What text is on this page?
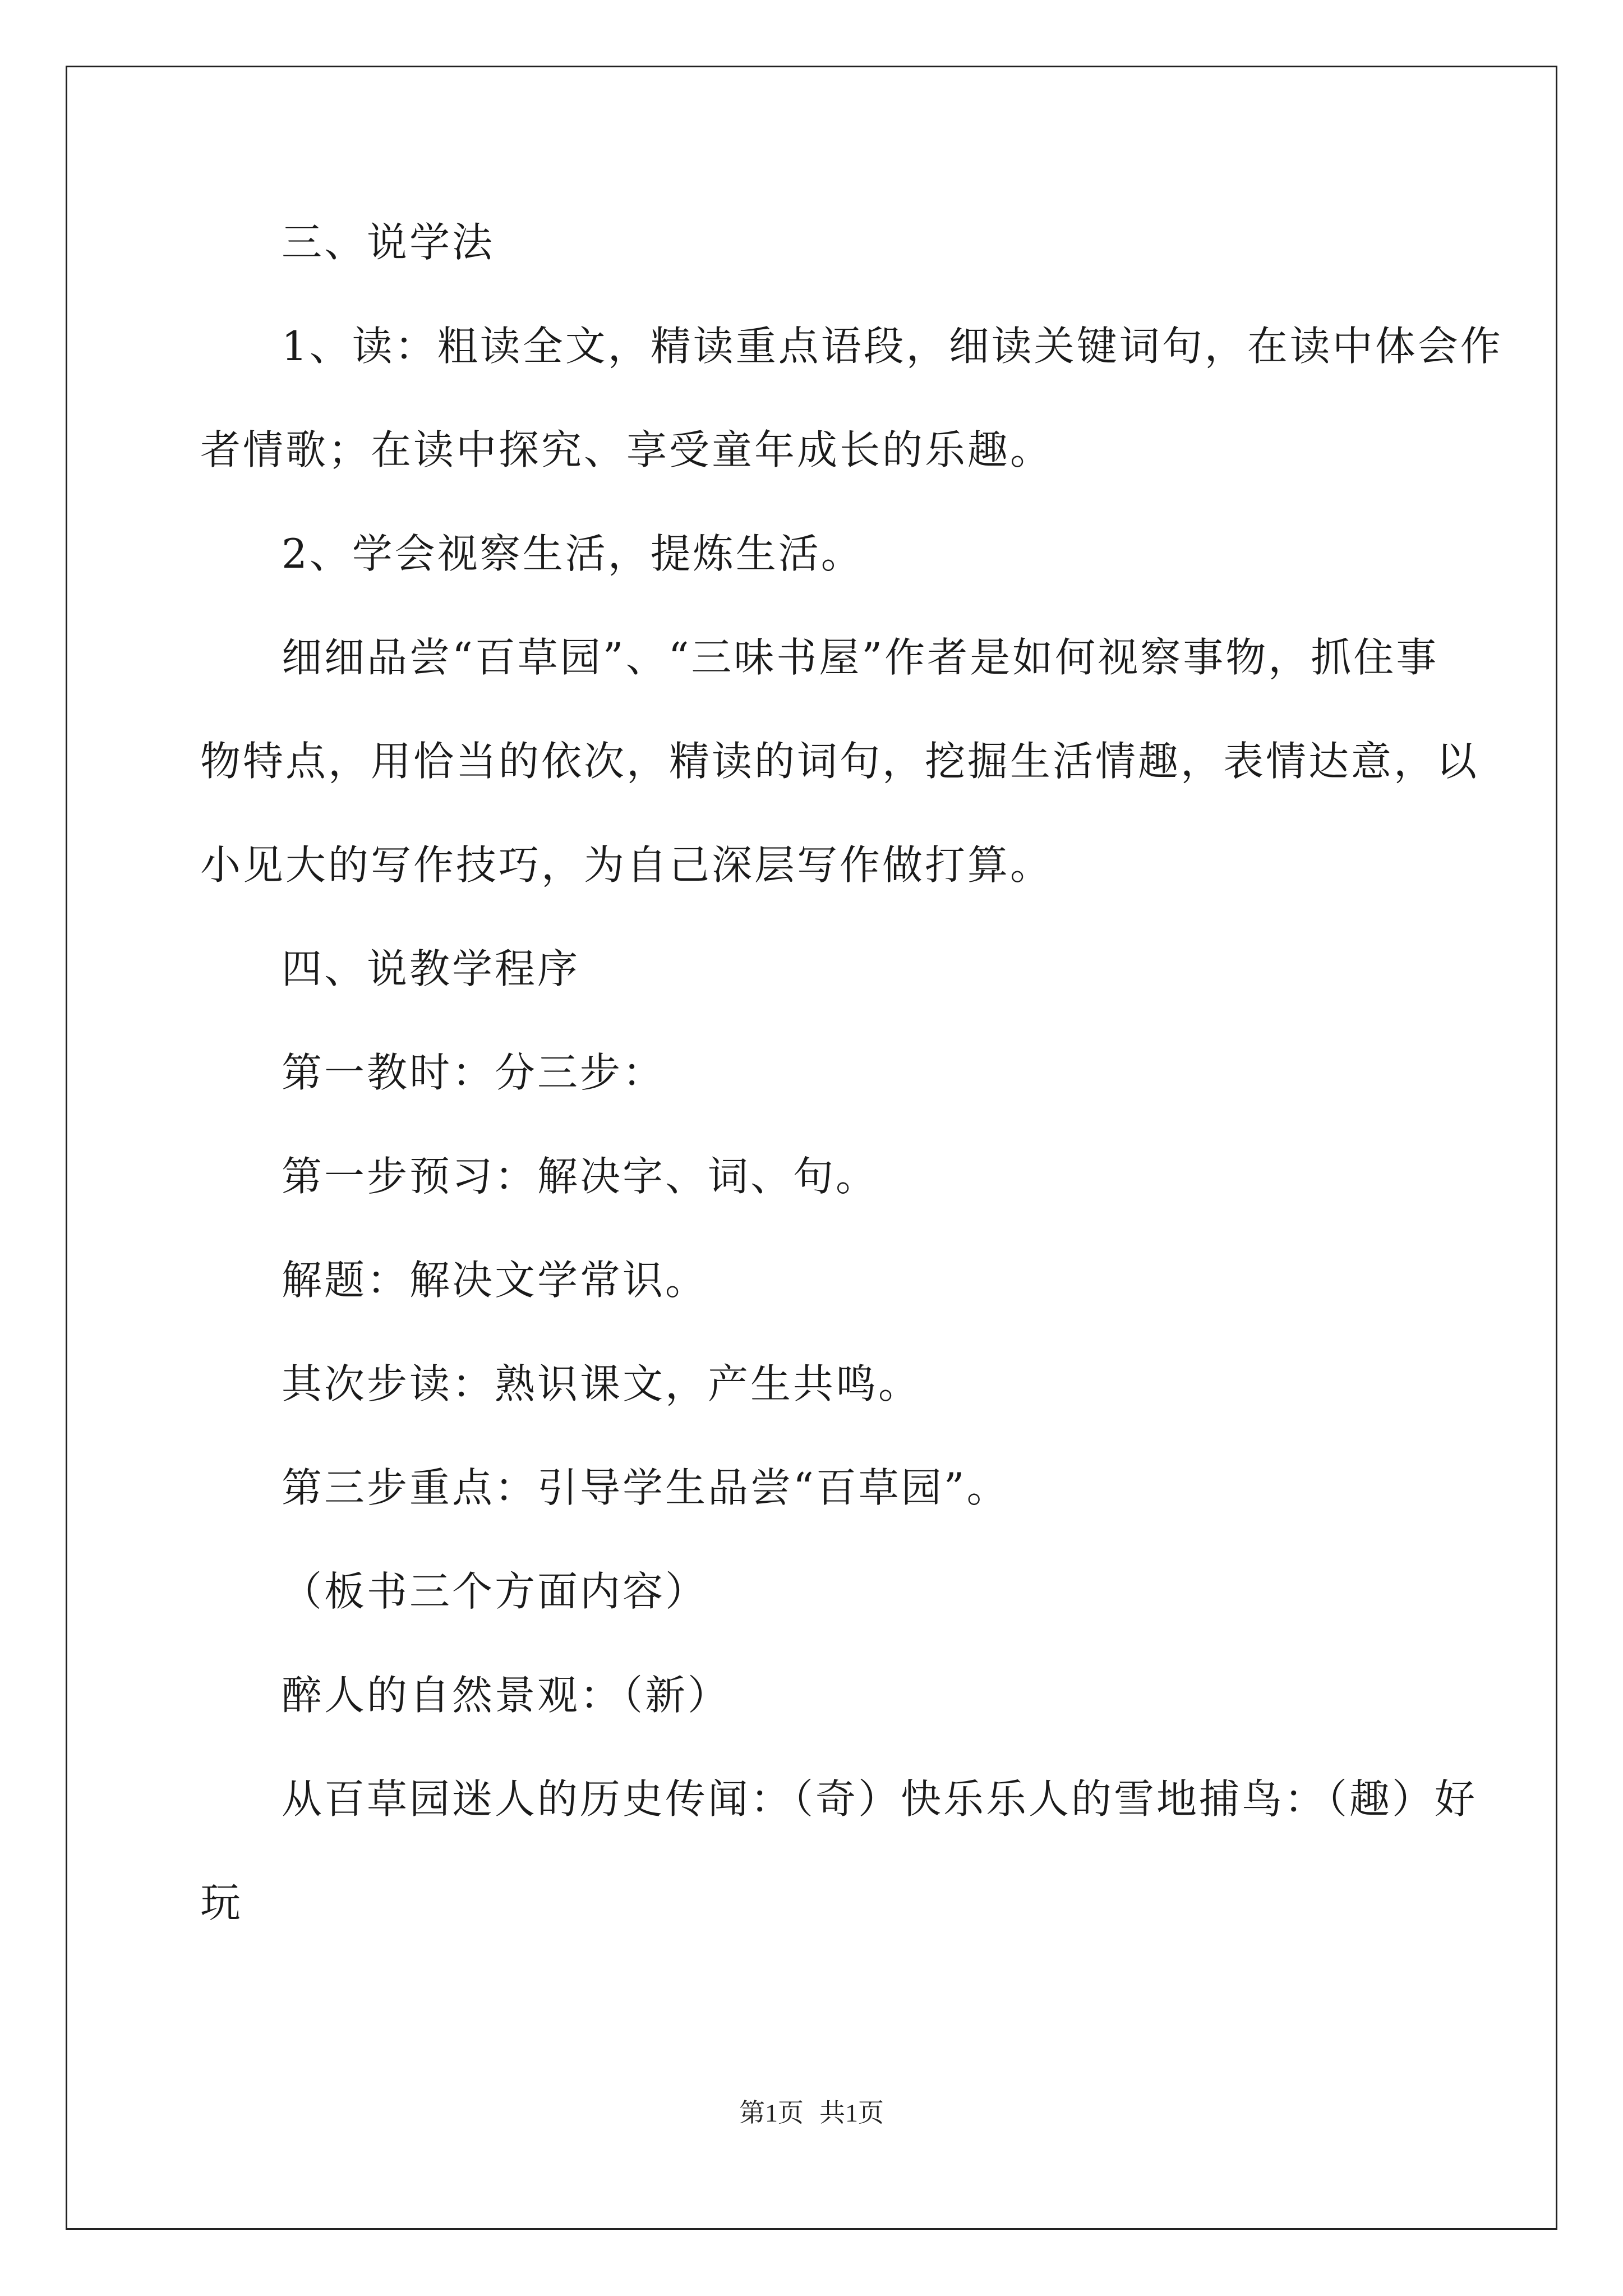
三、说学法
1、读：粗读全文，精读重点语段，细读关键词句，在读中体会作
者情歌；在读中探究、享受童年成长的乐趣。
2、学会视察生活，提炼生活。
细细品尝“百草园”、“三味书屋”作者是如何视察事物，抓住事
物特点，用恰当的依次，精读的词句，挖掘生活情趣，表情达意，以
小见大的写作技巧，为自己深层写作做打算。
四、说教学程序
第一教时：分三步：
第一步预习：解决字、词、句。
解题：解决文学常识。
其次步读：熟识课文，产生共鸣。
第三步重点：引导学生品尝“百草园”。
（板书三个方面内容）
醉人的自然景观：（新）
从百草园迷人的历史传闻：（奇）快乐乐人的雪地捕鸟：（趣）好
玩
第1页 共1页
